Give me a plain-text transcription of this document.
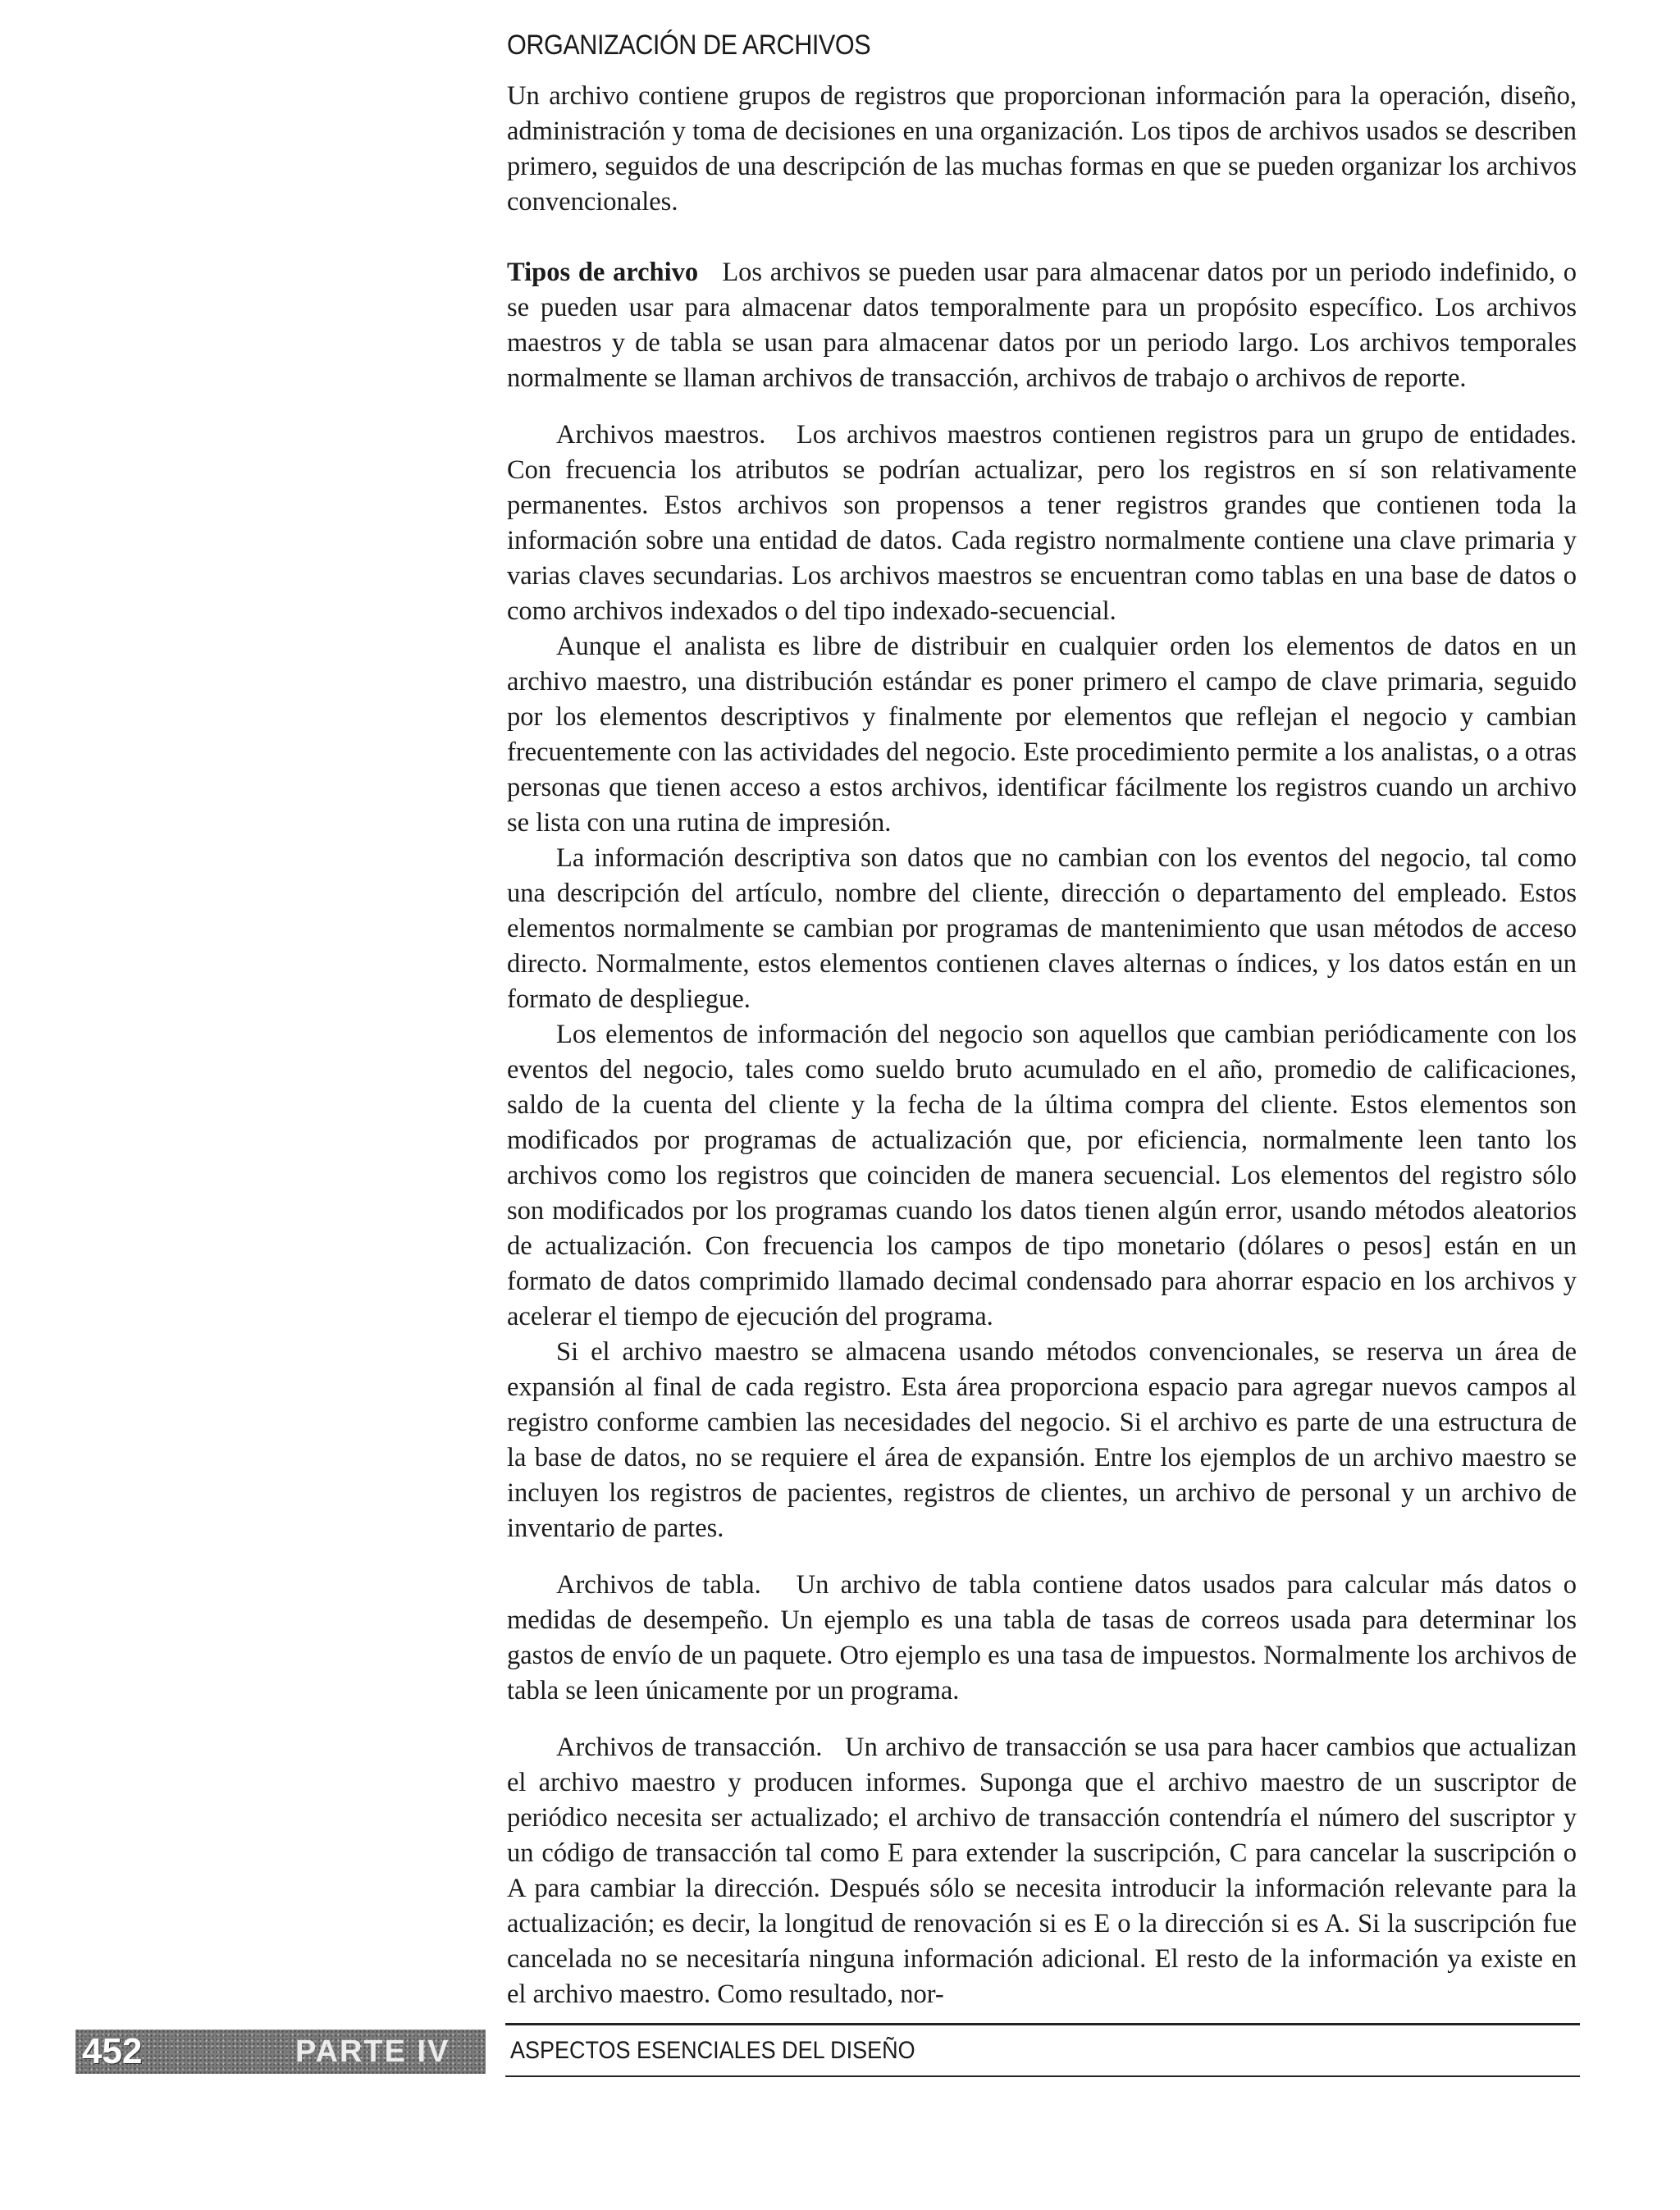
ORGANIZACIÓN DE ARCHIVOS

Un archivo contiene grupos de registros que proporcionan información para la operación, diseño, administración y toma de decisiones en una organización. Los tipos de archivos usados se describen primero, seguidos de una descripción de las muchas formas en que se pueden organizar los archivos convencionales.

Tipos de archivo Los archivos se pueden usar para almacenar datos por un periodo indefinido, o se pueden usar para almacenar datos temporalmente para un propósito específico. Los archivos maestros y de tabla se usan para almacenar datos por un periodo largo. Los archivos temporales normalmente se llaman archivos de transacción, archivos de trabajo o archivos de reporte.

Archivos maestros. Los archivos maestros contienen registros para un grupo de entidades. Con frecuencia los atributos se podrían actualizar, pero los registros en sí son relativamente permanentes. Estos archivos son propensos a tener registros grandes que contienen toda la información sobre una entidad de datos. Cada registro normalmente contiene una clave primaria y varias claves secundarias. Los archivos maestros se encuentran como tablas en una base de datos o como archivos indexados o del tipo indexado-secuencial.

Aunque el analista es libre de distribuir en cualquier orden los elementos de datos en un archivo maestro, una distribución estándar es poner primero el campo de clave primaria, seguido por los elementos descriptivos y finalmente por elementos que reflejan el negocio y cambian frecuentemente con las actividades del negocio. Este procedimiento permite a los analistas, o a otras personas que tienen acceso a estos archivos, identificar fácilmente los registros cuando un archivo se lista con una rutina de impresión.

La información descriptiva son datos que no cambian con los eventos del negocio, tal como una descripción del artículo, nombre del cliente, dirección o departamento del empleado. Estos elementos normalmente se cambian por programas de mantenimiento que usan métodos de acceso directo. Normalmente, estos elementos contienen claves alternas o índices, y los datos están en un formato de despliegue.

Los elementos de información del negocio son aquellos que cambian periódicamente con los eventos del negocio, tales como sueldo bruto acumulado en el año, promedio de calificaciones, saldo de la cuenta del cliente y la fecha de la última compra del cliente. Estos elementos son modificados por programas de actualización que, por eficiencia, normalmente leen tanto los archivos como los registros que coinciden de manera secuencial. Los elementos del registro sólo son modificados por los programas cuando los datos tienen algún error, usando métodos aleatorios de actualización. Con frecuencia los campos de tipo monetario (dólares o pesos] están en un formato de datos comprimido llamado decimal condensado para ahorrar espacio en los archivos y acelerar el tiempo de ejecución del programa.

Si el archivo maestro se almacena usando métodos convencionales, se reserva un área de expansión al final de cada registro. Esta área proporciona espacio para agregar nuevos campos al registro conforme cambien las necesidades del negocio. Si el archivo es parte de una estructura de la base de datos, no se requiere el área de expansión. Entre los ejemplos de un archivo maestro se incluyen los registros de pacientes, registros de clientes, un archivo de personal y un archivo de inventario de partes.

Archivos de tabla. Un archivo de tabla contiene datos usados para calcular más datos o medidas de desempeño. Un ejemplo es una tabla de tasas de correos usada para determinar los gastos de envío de un paquete. Otro ejemplo es una tasa de impuestos. Normalmente los archivos de tabla se leen únicamente por un programa.

Archivos de transacción. Un archivo de transacción se usa para hacer cambios que actualizan el archivo maestro y producen informes. Suponga que el archivo maestro de un suscriptor de periódico necesita ser actualizado; el archivo de transacción contendría el número del suscriptor y un código de transacción tal como E para extender la suscripción, C para cancelar la suscripción o A para cambiar la dirección. Después sólo se necesita introducir la información relevante para la actualización; es decir, la longitud de renovación si es E o la dirección si es A. Si la suscripción fue cancelada no se necesitaría ninguna información adicional. El resto de la información ya existe en el archivo maestro. Como resultado, nor-

452	PARTE IV ASPECTOS ESENCIALES DEL DISEÑO
